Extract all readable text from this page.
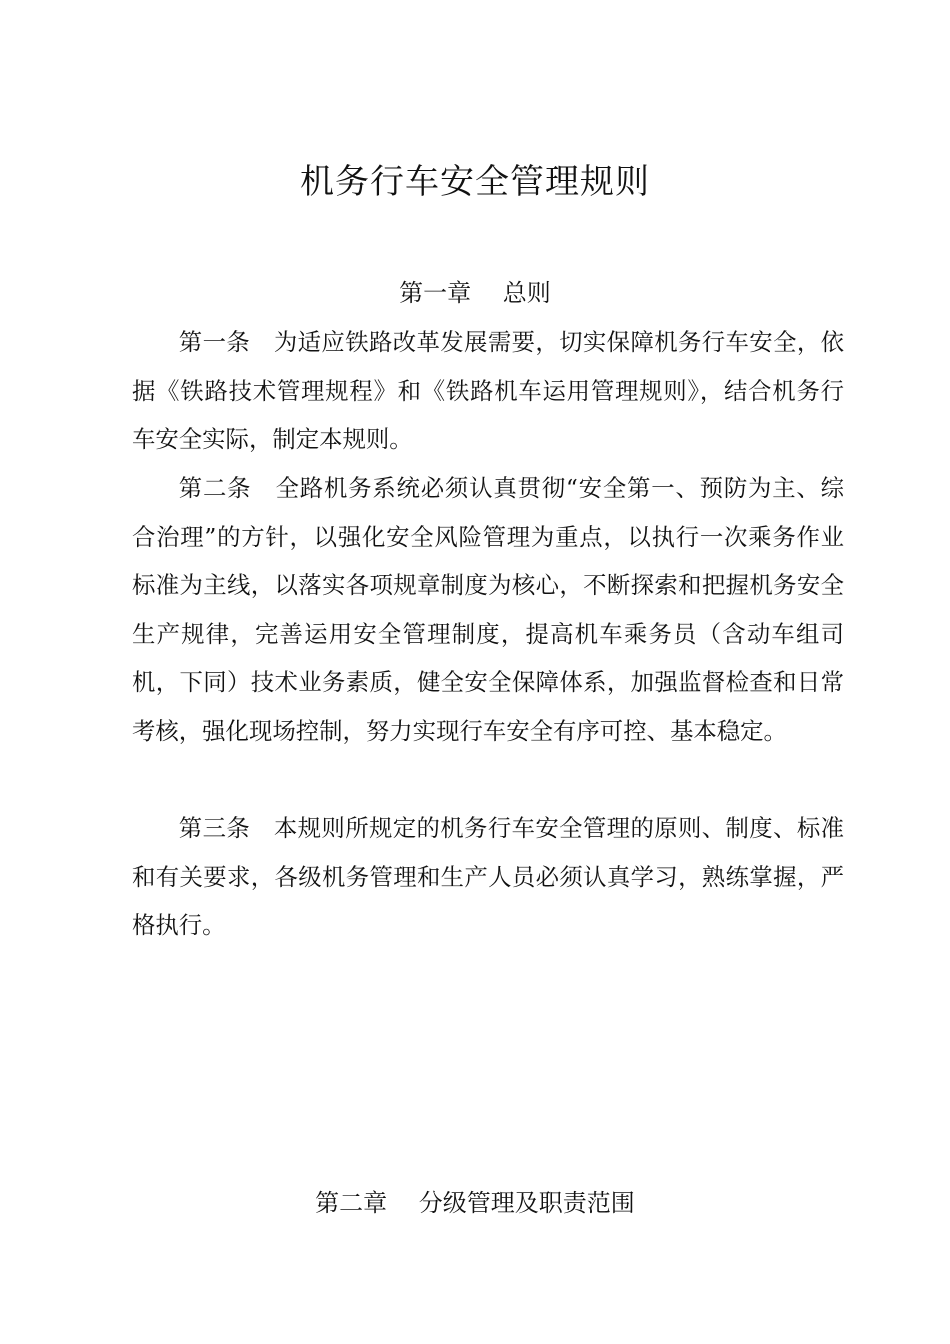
机务行车安全管理规则
第一章　 总则

第一条　为适应铁路改革发展需要，切实保障机务行车安全，依据《铁路技术管理规程》和《铁路机车运用管理规则》，结合机务行车安全实际，制定本规则。

第二条　全路机务系统必须认真贯彻“安全第一、预防为主、综合治理”的方针，以强化安全风险管理为重点，以执行一次乘务作业标准为主线，以落实各项规章制度为核心，不断探索和把握机务安全生产规律，完善运用安全管理制度，提高机车乘务员（含动车组司机，下同）技术业务素质，健全安全保障体系，加强监督检查和日常考核，强化现场控制，努力实现行车安全有序可控、基本稳定。

第三条　本规则所规定的机务行车安全管理的原则、制度、标准和有关要求，各级机务管理和生产人员必须认真学习，熟练掌握，严格执行。

第二章　 分级管理及职责范围
